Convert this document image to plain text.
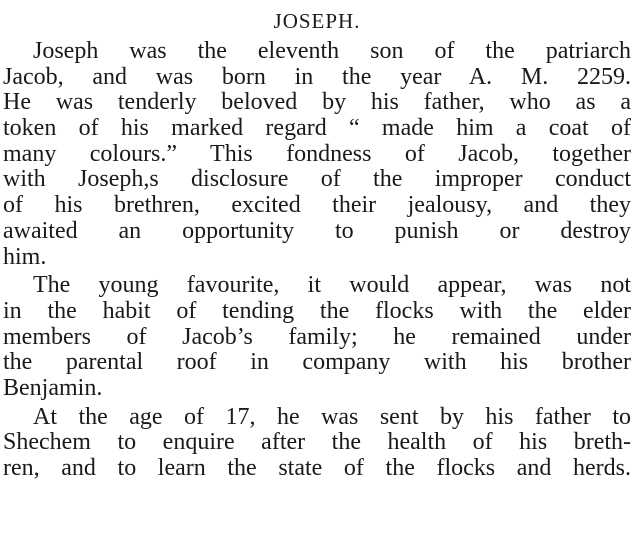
JOSEPH.
Joseph was the eleventh son of the patriarch
Jacob, and was born in the year A. M. 2259.
He was tenderly beloved by his father, who as a
token of his marked regard “ made him a coat of
many colours.” This fondness of Jacob, together
with Joseph,s disclosure of the improper conduct
of his brethren, excited their jealousy, and they
awaited an opportunity to punish or destroy
him.
The young favourite, it would appear, was not
in the habit of tending the flocks with the elder
members of Jacob’s family; he remained under
the parental roof in company with his brother
Benjamin.
At the age of 17, he was sent by his father to
Shechem to enquire after the health of his breth-
ren, and to learn the state of the flocks and herds.
